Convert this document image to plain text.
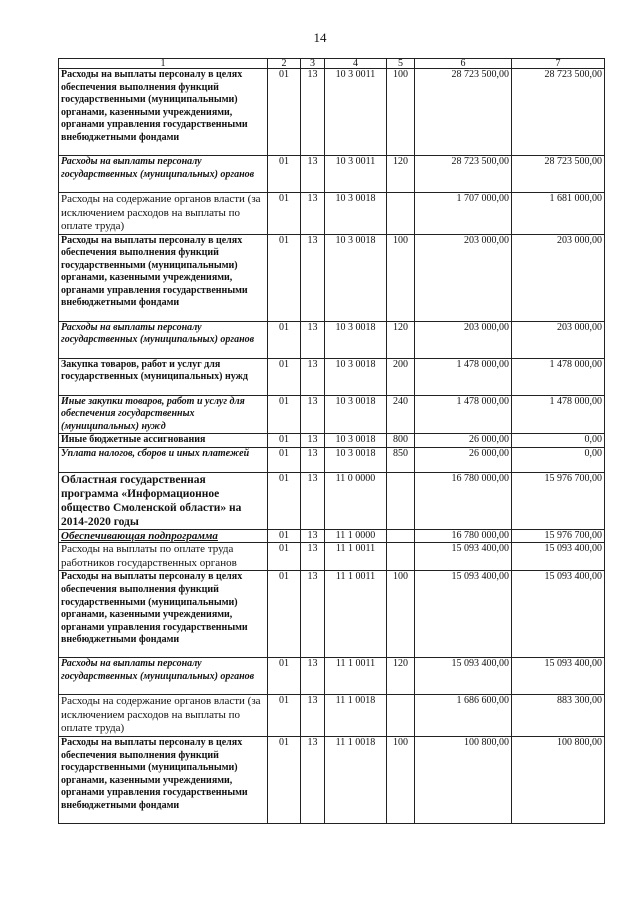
14
1	2	3	4	5	6	7
Расходы на выплаты персоналу в целях обеспечения выполнения функций государственными (муниципальными) органами, казенными учреждениями, органами управления государственными внебюджетными фондами	01	13	10 3 0011	100	28 723 500,00	28 723 500,00
Расходы на выплаты персоналу государственных (муниципальных) органов	01	13	10 3 0011	120	28 723 500,00	28 723 500,00
Расходы на содержание органов власти (за исключением расходов на выплаты по оплате труда)	01	13	10 3 0018		1 707 000,00	1 681 000,00
Расходы на выплаты персоналу в целях обеспечения выполнения функций государственными (муниципальными) органами, казенными учреждениями, органами управления государственными внебюджетными фондами	01	13	10 3 0018	100	203 000,00	203 000,00
Расходы на выплаты персоналу государственных (муниципальных) органов	01	13	10 3 0018	120	203 000,00	203 000,00
Закупка товаров, работ и услуг для государственных (муниципальных) нужд	01	13	10 3 0018	200	1 478 000,00	1 478 000,00
Иные закупки товаров, работ и услуг для обеспечения государственных (муниципальных) нужд	01	13	10 3 0018	240	1 478 000,00	1 478 000,00
Иные бюджетные ассигнования	01	13	10 3 0018	800	26 000,00	0,00
Уплата налогов, сборов и иных платежей	01	13	10 3 0018	850	26 000,00	0,00
Областная государственная программа «Информационное общество Смоленской области» на 2014-2020 годы	01	13	11 0 0000		16 780 000,00	15 976 700,00
Обеспечивающая подпрограмма	01	13	11 1 0000		16 780 000,00	15 976 700,00
Расходы на выплаты по оплате труда работников государственных органов	01	13	11 1 0011		15 093 400,00	15 093 400,00
Расходы на выплаты персоналу в целях обеспечения выполнения функций государственными (муниципальными) органами, казенными учреждениями, органами управления государственными внебюджетными фондами	01	13	11 1 0011	100	15 093 400,00	15 093 400,00
Расходы на выплаты персоналу государственных (муниципальных) органов	01	13	11 1 0011	120	15 093 400,00	15 093 400,00
Расходы на содержание органов власти (за исключением расходов на выплаты по оплате труда)	01	13	11 1 0018		1 686 600,00	883 300,00
Расходы на выплаты персоналу в целях обеспечения выполнения функций государственными (муниципальными) органами, казенными учреждениями, органами управления государственными внебюджетными фондами	01	13	11 1 0018	100	100 800,00	100 800,00
